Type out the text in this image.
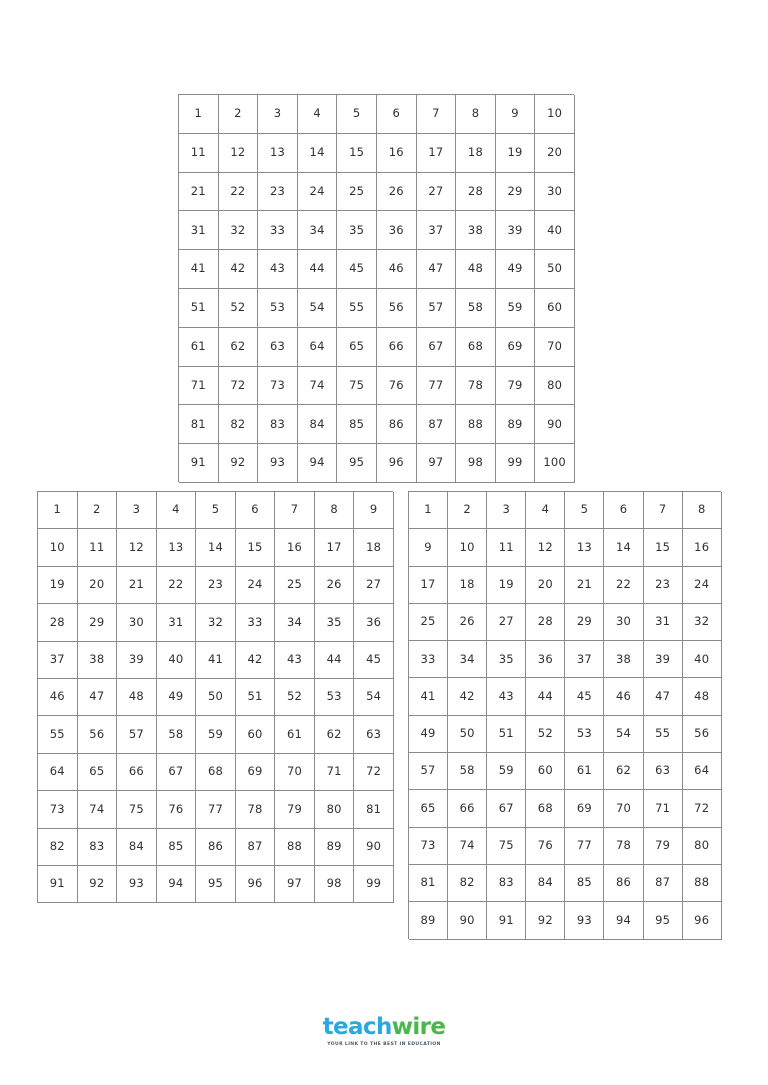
1	2	3	4	5	6	7	8	9	10
11	12	13	14	15	16	17	18	19	20
21	22	23	24	25	26	27	28	29	30
31	32	33	34	35	36	37	38	39	40
41	42	43	44	45	46	47	48	49	50
51	52	53	54	55	56	57	58	59	60
61	62	63	64	65	66	67	68	69	70
71	72	73	74	75	76	77	78	79	80
81	82	83	84	85	86	87	88	89	90
91	92	93	94	95	96	97	98	99	100
1	2	3	4	5	6	7	8	9
10	11	12	13	14	15	16	17	18
19	20	21	22	23	24	25	26	27
28	29	30	31	32	33	34	35	36
37	38	39	40	41	42	43	44	45
46	47	48	49	50	51	52	53	54
55	56	57	58	59	60	61	62	63
64	65	66	67	68	69	70	71	72
73	74	75	76	77	78	79	80	81
82	83	84	85	86	87	88	89	90
91	92	93	94	95	96	97	98	99
1	2	3	4	5	6	7	8
9	10	11	12	13	14	15	16
17	18	19	20	21	22	23	24
25	26	27	28	29	30	31	32
33	34	35	36	37	38	39	40
41	42	43	44	45	46	47	48
49	50	51	52	53	54	55	56
57	58	59	60	61	62	63	64
65	66	67	68	69	70	71	72
73	74	75	76	77	78	79	80
81	82	83	84	85	86	87	88
89	90	91	92	93	94	95	96
teachwire
YOUR LINK TO THE BEST IN EDUCATION
